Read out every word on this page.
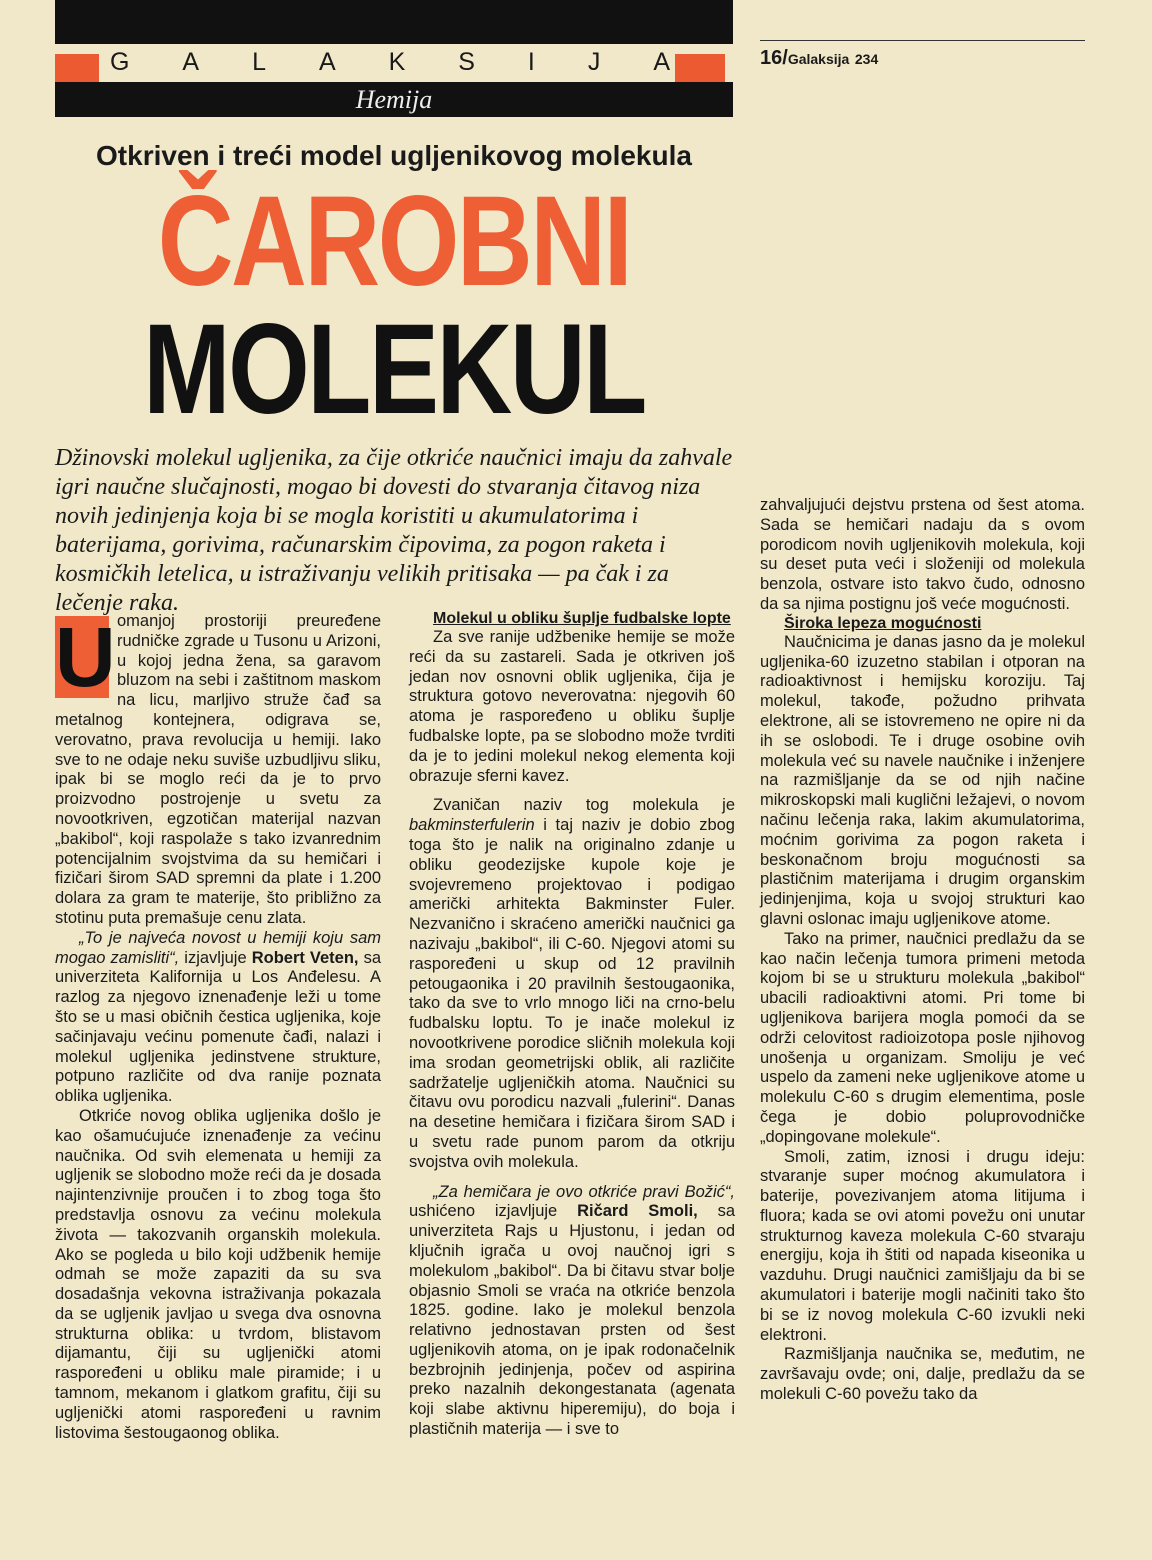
G A L A K S I J A
Hemija
16/Galaksija 234
Otkriven i treći model ugljenikovog molekula
ČAROBNI
MOLEKUL
Džinovski molekul ugljenika, za čije otkriće naučnici imaju da zahvale igri naučne slučajnosti, mogao bi dovesti do stvaranja čitavog niza novih jedinjenja koja bi se mogla koristiti u akumulatorima i baterijama, gorivima, računarskim čipovima, za pogon raketa i kosmičkih letelica, u istraživanju velikih pritisaka — pa čak i za lečenje raka.

U omanjoj prostoriji preuređene rudničke zgrade u Tusonu u Arizoni, u kojoj jedna žena, sa garavom bluzom na sebi i zaštitnom maskom na licu, marljivo struže čađ sa metalnog kontejnera, odigrava se, verovatno, prava revolucija u hemiji. Iako sve to ne odaje neku suviše uzbudljivu sliku, ipak bi se moglo reći da je to prvo proizvodno postrojenje u svetu za novootkriven, egzotičan materijal nazvan „bakibol“, koji raspolaže s tako izvanrednim potencijalnim svojstvima da su hemičari i fizičari širom SAD spremni da plate i 1.200 dolara za gram te materije, što približno za stotinu puta premašuje cenu zlata.

„To je najveća novost u hemiji koju sam mogao zamisliti“, izjavljuje Robert Veten, sa univerziteta Kalifornija u Los Anđelesu. A razlog za njegovo iznenađenje leži u tome što se u masi običnih čestica ugljenika, koje sačinjavaju većinu pomenute čađi, nalazi i molekul ugljenika jedinstvene strukture, potpuno različite od dva ranije poznata oblika ugljenika.

Otkriće novog oblika ugljenika došlo je kao ošamućujuće iznenađenje za većinu naučnika. Od svih elemenata u hemiji za ugljenik se slobodno može reći da je dosada najintenzivnije proučen i to zbog toga što predstavlja osnovu za većinu molekula života — takozvanih organskih molekula. Ako se pogleda u bilo koji udžbenik hemije odmah se može zapaziti da su sva dosadašnja vekovna istraživanja pokazala da se ugljenik javljao u svega dva osnovna strukturna oblika: u tvrdom, blistavom dijamantu, čiji su ugljenički atomi raspoređeni u obliku male piramide; i u tamnom, mekanom i glatkom grafitu, čiji su ugljenički atomi raspoređeni u ravnim listovima šestougaonog oblika.

Molekul u obliku šuplje fudbalske lopte

Za sve ranije udžbenike hemije se može reći da su zastareli. Sada je otkriven još jedan nov osnovni oblik ugljenika, čija je struktura gotovo neverovatna: njegovih 60 atoma je raspoređeno u obliku šuplje fudbalske lopte, pa se slobodno može tvrditi da je to jedini molekul nekog elementa koji obrazuje sferni kavez.

Zvaničan naziv tog molekula je bakminsterfulerin i taj naziv je dobio zbog toga što je nalik na originalno zdanje u obliku geodezijske kupole koje je svojevremeno projektovao i podigao američki arhitekta Bakminster Fuler. Nezvanično i skraćeno američki naučnici ga nazivaju „bakibol“, ili C-60. Njegovi atomi su raspoređeni u skup od 12 pravilnih petougaonika i 20 pravilnih šestougaonika, tako da sve to vrlo mnogo liči na crno-belu fudbalsku loptu. To je inače molekul iz novootkrivene porodice sličnih molekula koji ima srodan geometrijski oblik, ali različite sadržatelje ugljeničkih atoma. Naučnici su čitavu ovu porodicu nazvali „fulerini“. Danas na desetine hemičara i fizičara širom SAD i u svetu rade punom parom da otkriju svojstva ovih molekula.

„Za hemičara je ovo otkriće pravi Božić“, ushićeno izjavljuje Ričard Smoli, sa univerziteta Rajs u Hjustonu, i jedan od ključnih igrača u ovoj naučnoj igri s molekulom „bakibol“. Da bi čitavu stvar bolje objasnio Smoli se vraća na otkriće benzola 1825. godine. Iako je molekul benzola relativno jednostavan prsten od šest ugljenikovih atoma, on je ipak rodonačelnik bezbrojnih jedinjenja, počev od aspirina preko nazalnih dekongestanata (agenata koji slabe aktivnu hiperemiju), do boja i plastičnih materija — i sve to

zahvaljujući dejstvu prstena od šest atoma. Sada se hemičari nadaju da s ovom porodicom novih ugljenikovih molekula, koji su deset puta veći i složeniji od molekula benzola, ostvare isto takvo čudo, odnosno da sa njima postignu još veće mogućnosti.

Široka lepeza mogućnosti

Naučnicima je danas jasno da je molekul ugljenika-60 izuzetno stabilan i otporan na radioaktivnost i hemijsku koroziju. Taj molekul, takođe, požudno prihvata elektrone, ali se istovremeno ne opire ni da ih se oslobodi. Te i druge osobine ovih molekula već su navele naučnike i inženjere na razmišljanje da se od njih načine mikroskopski mali kuglični ležajevi, o novom načinu lečenja raka, lakim akumulatorima, moćnim gorivima za pogon raketa i beskonačnom broju mogućnosti sa plastičnim materijama i drugim organskim jedinjenjima, koja u svojoj strukturi kao glavni oslonac imaju ugljenikove atome.

Tako na primer, naučnici predlažu da se kao način lečenja tumora primeni metoda kojom bi se u strukturu molekula „bakibol“ ubacili radioaktivni atomi. Pri tome bi ugljenikova barijera mogla pomoći da se održi celovitost radioizotopa posle njihovog unošenja u organizam. Smoliju je već uspelo da zameni neke ugljenikove atome u molekulu C-60 s drugim elementima, posle čega je dobio poluprovodničke „dopingovane molekule“.

Smoli, zatim, iznosi i drugu ideju: stvaranje super moćnog akumulatora i baterije, povezivanjem atoma litijuma i fluora; kada se ovi atomi povežu oni unutar strukturnog kaveza molekula C-60 stvaraju energiju, koja ih štiti od napada kiseonika u vazduhu. Drugi naučnici zamišljaju da bi se akumulatori i baterije mogli načiniti tako što bi se iz novog molekula C-60 izvukli neki elektroni.

Razmišljanja naučnika se, međutim, ne završavaju ovde; oni, dalje, predlažu da se molekuli C-60 povežu tako da
